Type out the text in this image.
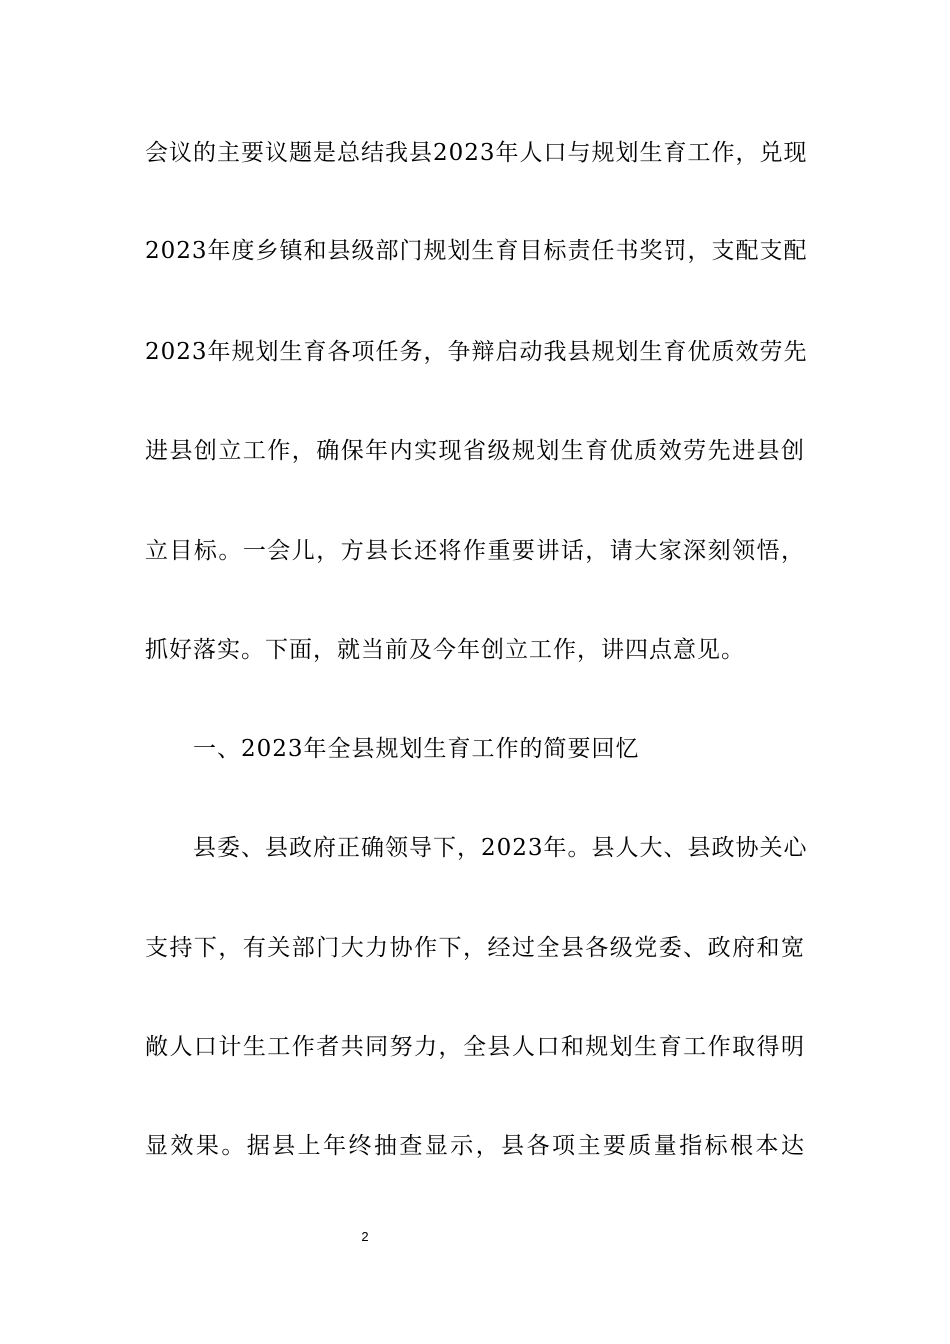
会议的主要议题是总结我县2023年人口与规划生育工作，兑现
2023年度乡镇和县级部门规划生育目标责任书奖罚，支配支配
2023年规划生育各项任务，争辩启动我县规划生育优质效劳先
进县创立工作，确保年内实现省级规划生育优质效劳先进县创
立目标。一会儿，方县长还将作重要讲话，请大家深刻领悟，
抓好落实。下面，就当前及今年创立工作，讲四点意见。
一、2023年全县规划生育工作的简要回忆
县委、县政府正确领导下，2023年。县人大、县政协关心
支持下，有关部门大力协作下，经过全县各级党委、政府和宽
敞人口计生工作者共同努力，全县人口和规划生育工作取得明
显效果。据县上年终抽查显示，县各项主要质量指标根本达
2
